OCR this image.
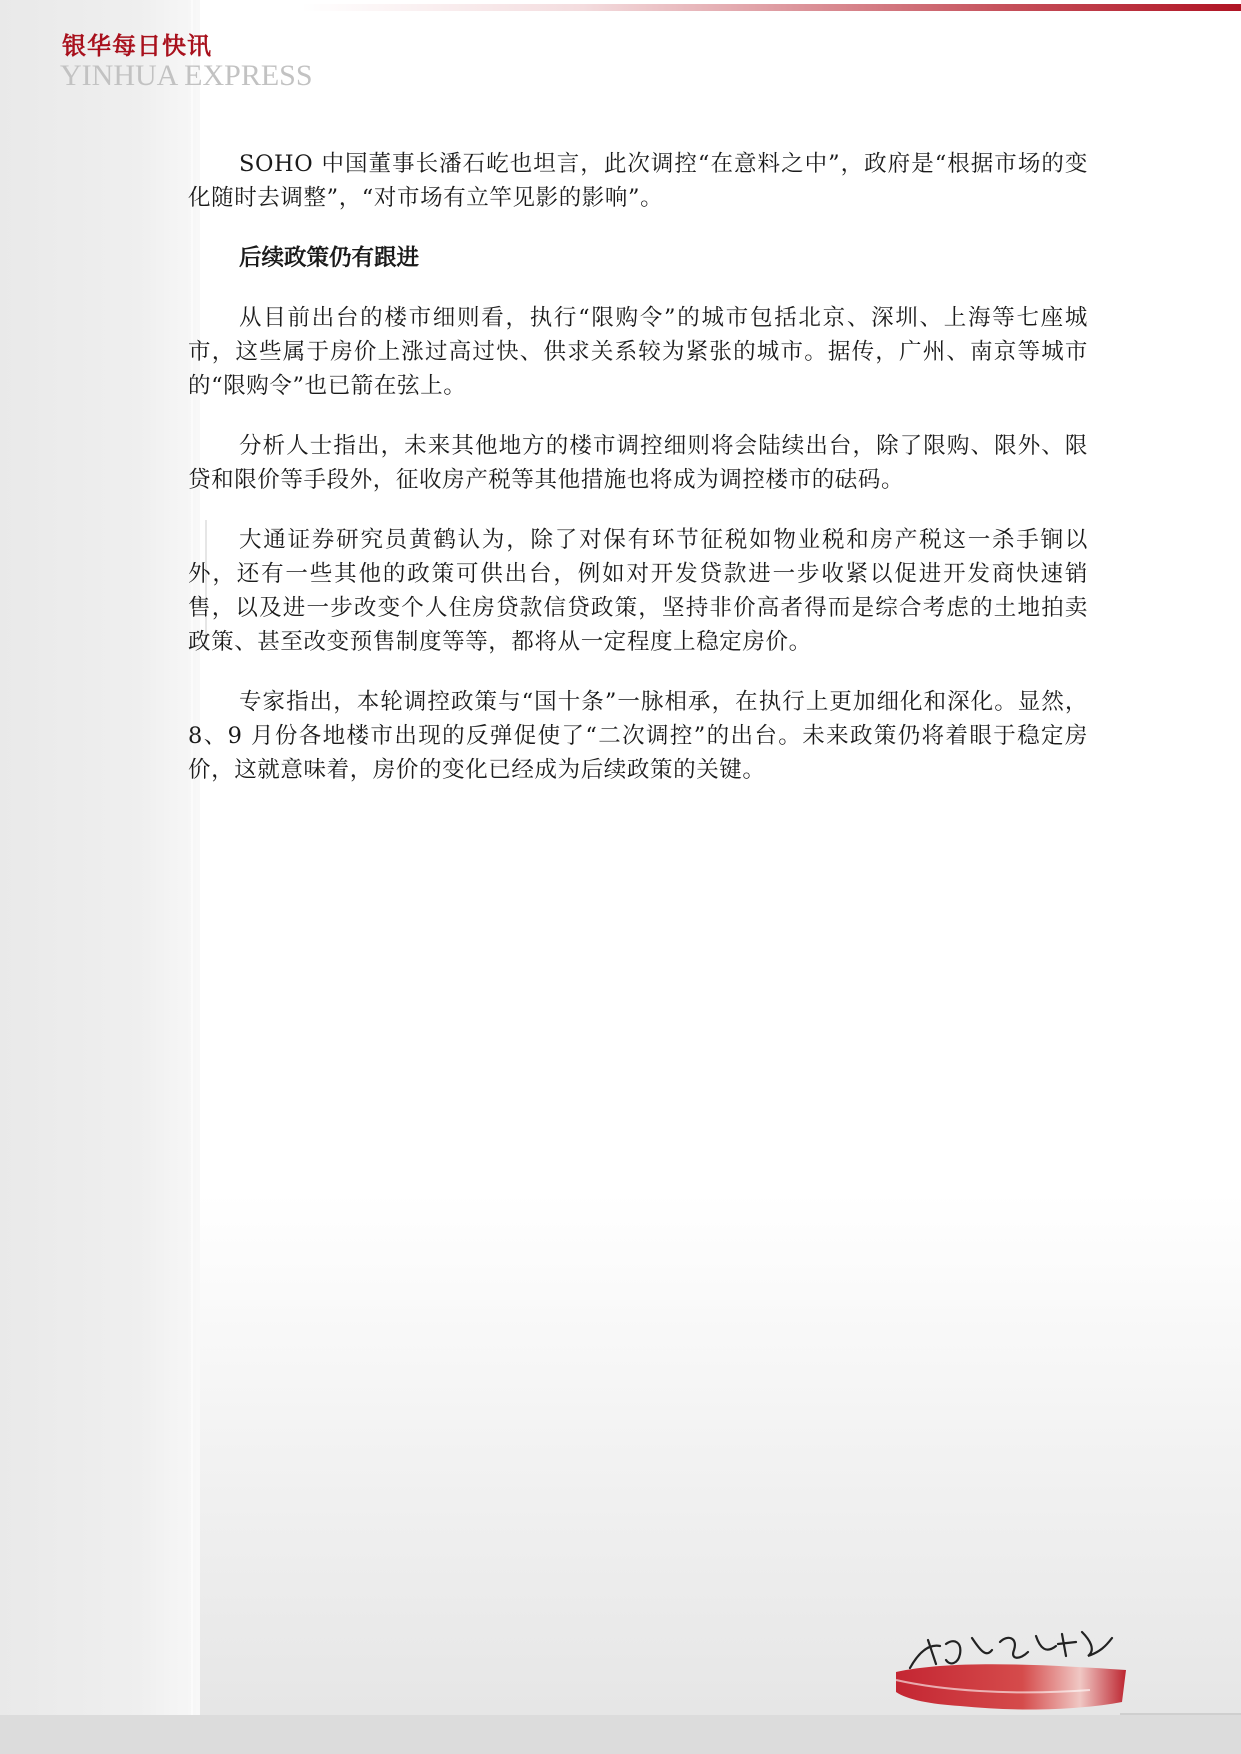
银华每日快讯
YINHUA EXPRESS

SOHO 中国董事长潘石屹也坦言，此次调控“在意料之中”，政府是“根据市场的变化随时去调整”，“对市场有立竿见影的影响”。

后续政策仍有跟进

从目前出台的楼市细则看，执行“限购令”的城市包括北京、深圳、上海等七座城市，这些属于房价上涨过高过快、供求关系较为紧张的城市。据传，广州、南京等城市的“限购令”也已箭在弦上。

分析人士指出，未来其他地方的楼市调控细则将会陆续出台，除了限购、限外、限贷和限价等手段外，征收房产税等其他措施也将成为调控楼市的砝码。

大通证券研究员黄鹤认为，除了对保有环节征税如物业税和房产税这一杀手锏以外，还有一些其他的政策可供出台，例如对开发贷款进一步收紧以促进开发商快速销售，以及进一步改变个人住房贷款信贷政策，坚持非价高者得而是综合考虑的土地拍卖政策、甚至改变预售制度等等，都将从一定程度上稳定房价。

专家指出，本轮调控政策与“国十条”一脉相承，在执行上更加细化和深化。显然，8、9 月份各地楼市出现的反弹促使了“二次调控”的出台。未来政策仍将着眼于稳定房价，这就意味着，房价的变化已经成为后续政策的关键。
